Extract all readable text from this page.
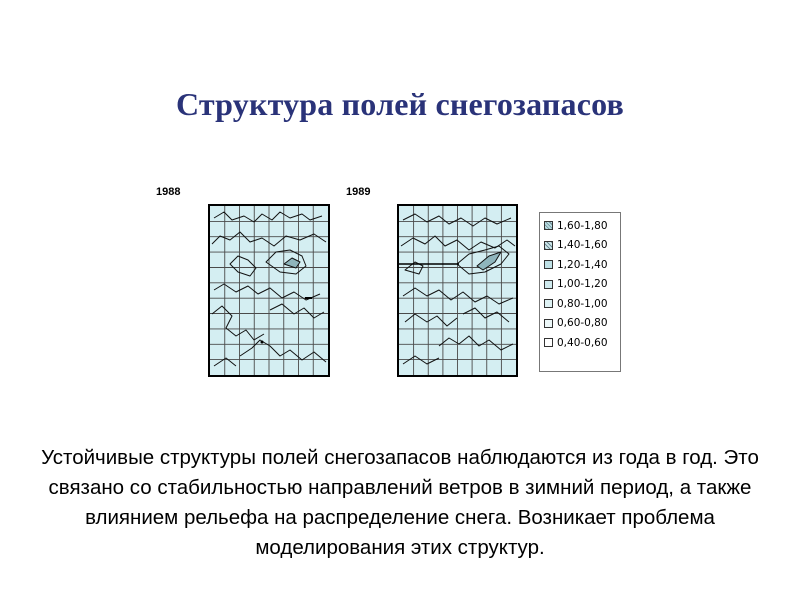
Структура полей снегозапасов
1988	1989
1,60-1,80
1,40-1,60
1,20-1,40
1,00-1,20
0,80-1,00
0,60-0,80
0,40-0,60
Устойчивые структуры полей снегозапасов наблюдаются из года в год. Это связано со стабильностью направлений ветров в зимний период, а также влиянием рельефа на распределение снега. Возникает проблема моделирования этих структур.
